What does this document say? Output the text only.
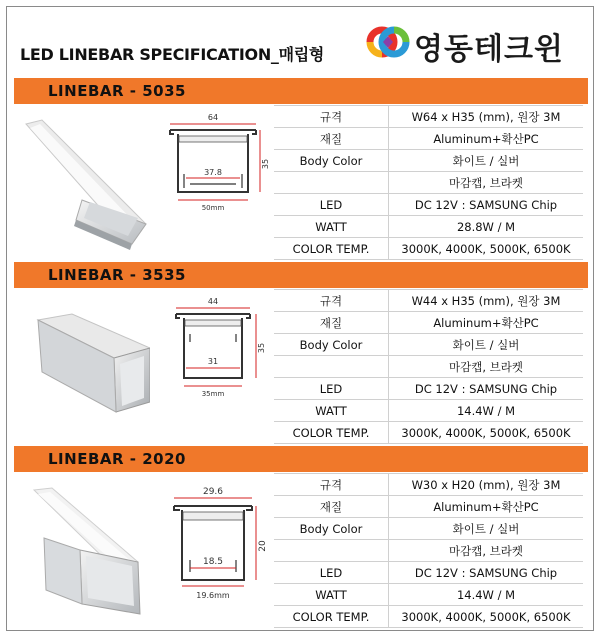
LED LINEBAR SPECIFICATION_매립형	영동테크윈
LINEBAR - 5035
64
37.8
50mm
35
규격	W64 x H35 (mm), 원장 3M
재질	Aluminum+확산PC
Body Color	화이트 / 실버
	마감캡, 브라켓
LED	DC 12V : SAMSUNG Chip
WATT	28.8W / M
COLOR TEMP.	3000K, 4000K, 5000K, 6500K
LINEBAR - 3535
44
31
35mm
35
규격	W44 x H35 (mm), 원장 3M
재질	Aluminum+확산PC
Body Color	화이트 / 실버
	마감캡, 브라켓
LED	DC 12V : SAMSUNG Chip
WATT	14.4W / M
COLOR TEMP.	3000K, 4000K, 5000K, 6500K
LINEBAR - 2020
29.6
18.5
19.6mm
20
규격	W30 x H20 (mm), 원장 3M
재질	Aluminum+확산PC
Body Color	화이트 / 실버
	마감캡, 브라켓
LED	DC 12V : SAMSUNG Chip
WATT	14.4W / M
COLOR TEMP.	3000K, 4000K, 5000K, 6500K
